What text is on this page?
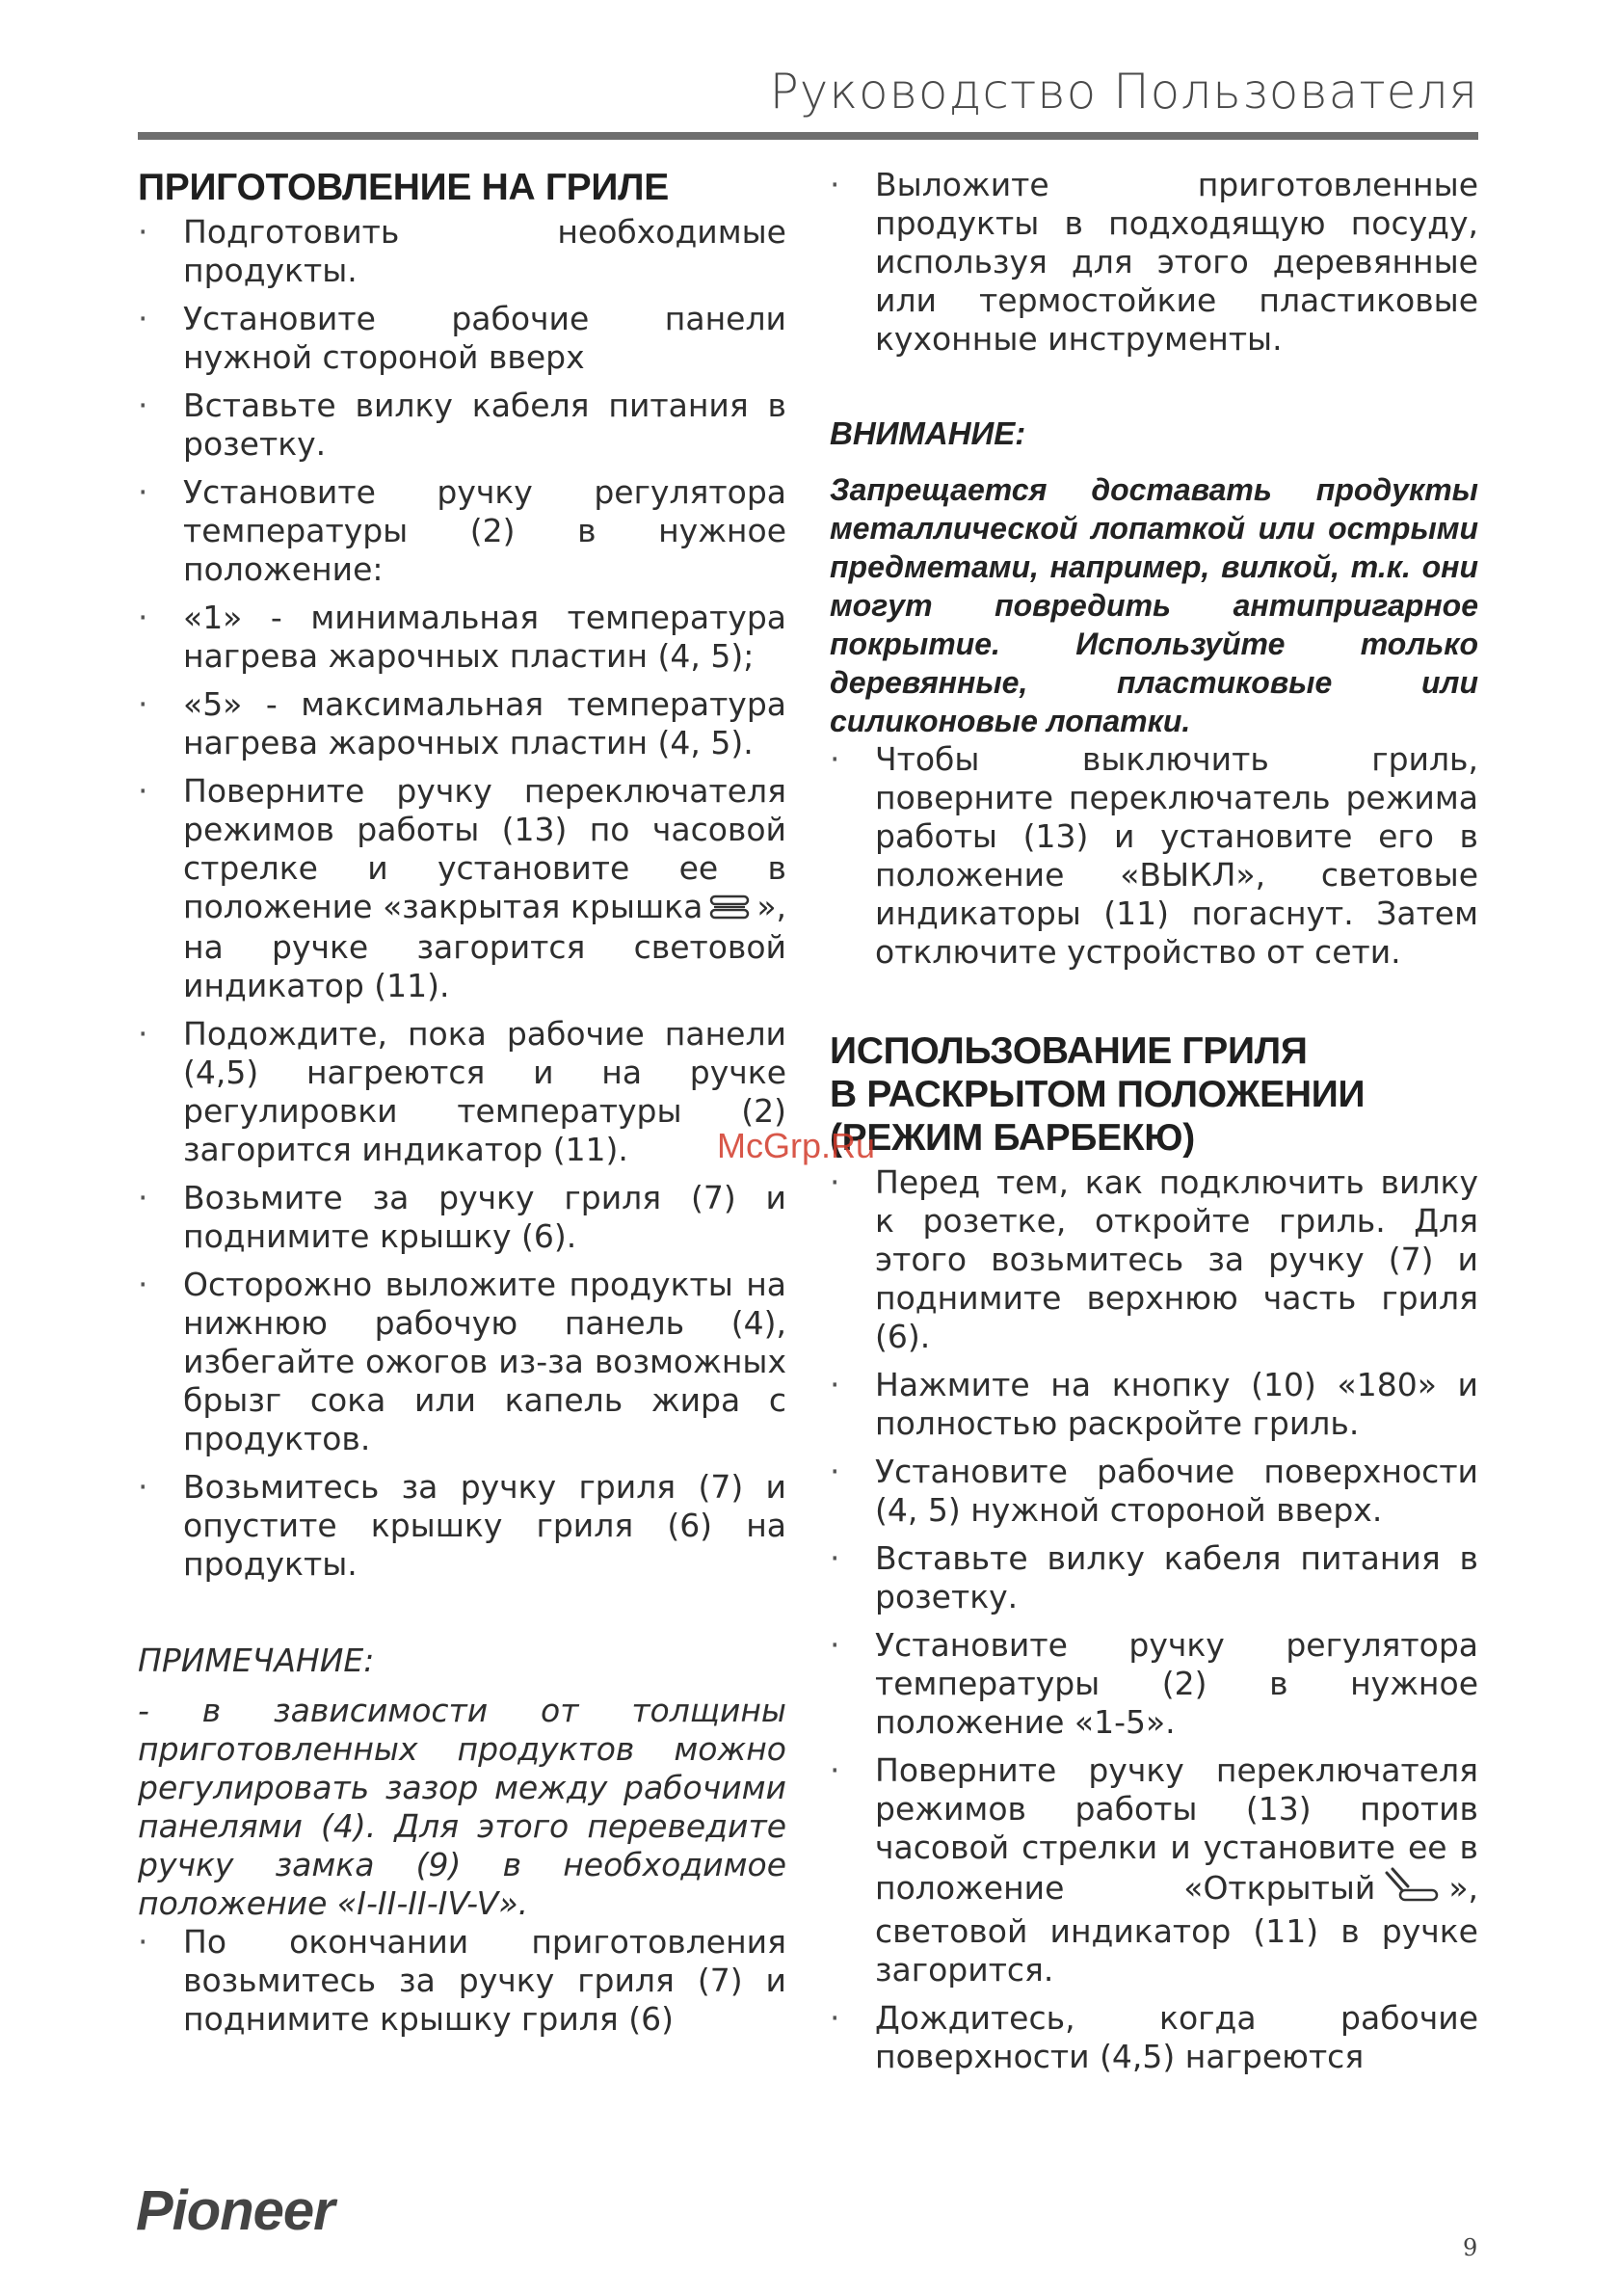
Руководство Пользователя
ПРИГОТОВЛЕНИЕ НА ГРИЛЕ
· Подготовить необходимые продукты.
· Установите рабочие панели нужной стороной вверх
· Вставьте вилку кабеля питания в розетку.
· Установите ручку регулятора температуры (2) в нужное положение:
· «1» - минимальная температура нагрева жарочных пластин (4, 5);
· «5» - максимальная температура нагрева жарочных пластин (4, 5).
· Поверните ручку переключателя режимов работы (13) по часовой стрелке и установите ее в положение «закрытая крышка », на ручке загорится световой индикатор (11).
· Подождите, пока рабочие панели (4,5) нагреются и на ручке регулировки температуры (2) загорится индикатор (11).
· Возьмите за ручку гриля (7) и поднимите крышку (6).
· Осторожно выложите продукты на нижнюю рабочую панель (4), избегайте ожогов из-за возможных брызг сока или капель жира с продуктов.
· Возьмитесь за ручку гриля (7) и опустите крышку гриля (6) на продукты.

ПРИМЕЧАНИЕ:

- в зависимости от толщины приготовленных продуктов можно регулировать зазор между рабочими панелями (4). Для этого переведите ручку замка (9) в необходимое положение «I-II-II-IV-V».

· По окончании приготовления возьмитесь за ручку гриля (7) и поднимите крышку гриля (6)
· Выложите приготовленные продукты в подходящую посуду, используя для этого деревянные или термостойкие пластиковые кухонные инструменты.

ВНИМАНИЕ:

Запрещается доставать продукты металлической лопаткой или острыми предметами, например, вилкой, т.к. они могут повредить антипригарное покрытие. Используйте только деревянные, пластиковые или силиконовые лопатки.

· Чтобы выключить гриль, поверните переключатель режима работы (13) и установите его в положение «ВЫКЛ», световые индикаторы (11) погаснут. Затем отключите устройство от сети.
ИСПОЛЬЗОВАНИЕ ГРИЛЯ
В РАСКРЫТОМ ПОЛОЖЕНИИ
(РЕЖИМ БАРБЕКЮ)
· Перед тем, как подключить вилку к розетке, откройте гриль. Для этого возьмитесь за ручку (7) и поднимите верхнюю часть гриля (6).
· Нажмите на кнопку (10) «180» и полностью раскройте гриль.
· Установите рабочие поверхности (4, 5) нужной стороной вверх.
· Вставьте вилку кабеля питания в розетку.
· Установите ручку регулятора температуры (2) в нужное положение «1-5».
· Поверните ручку переключателя режимов работы (13) против часовой стрелки и установите ее в положение «Открытый », световой индикатор (11) в ручке загорится.
· Дождитесь, когда рабочие поверхности (4,5) нагреются
McGrp.Ru
Pioneer
9
